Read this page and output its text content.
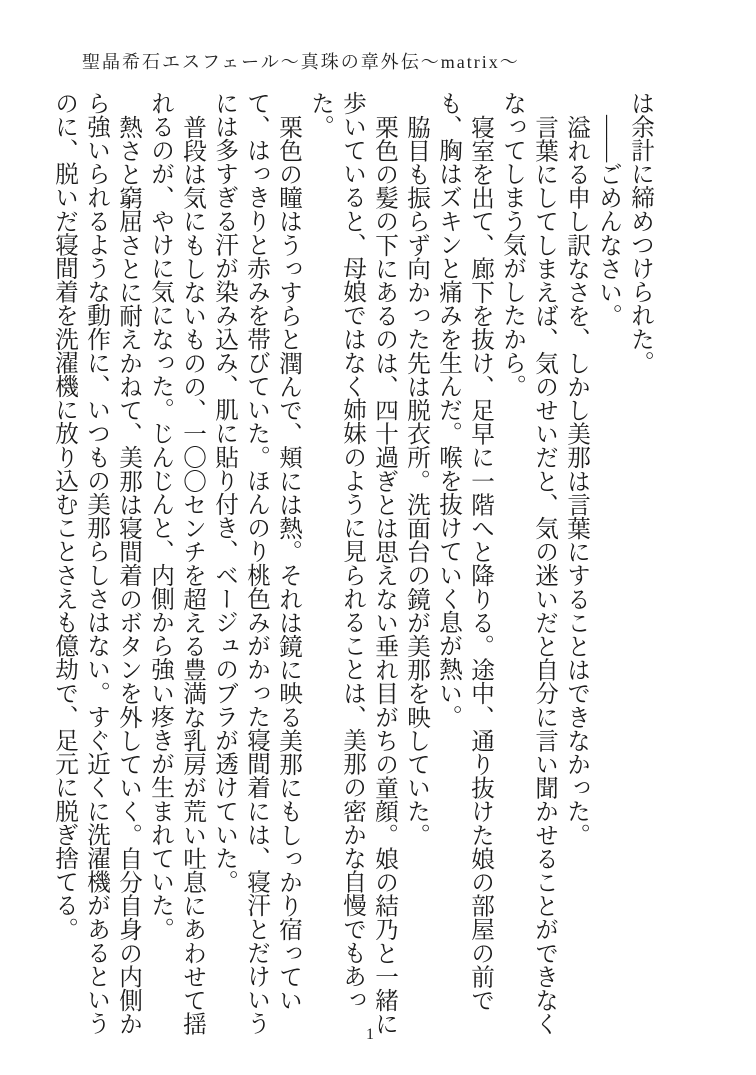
聖晶希石エスフェール～真珠の章外伝～matrix～

は余計に締めつけられた。

――ごめんなさい。

溢れる申し訳なさを、しかし美那は言葉にすることはできなかった。

言葉にしてしまえば、気のせいだと、気の迷いだと自分に言い聞かせることができなくなってしまう気がしたから。

寝室を出て、廊下を抜け、足早に一階へと降りる。途中、通り抜けた娘の部屋の前でも、胸はズキンと痛みを生んだ。喉を抜けていく息が熱い。

脇目も振らず向かった先は脱衣所。洗面台の鏡が美那を映していた。

栗色の髪の下にあるのは、四十過ぎとは思えない垂れ目がちの童顔。娘の結乃と一緒に歩いていると、母娘ではなく姉妹のように見られることは、美那の密かな自慢でもあった。

栗色の瞳はうっすらと潤んで、頬には熱。それは鏡に映る美那にもしっかり宿っていて、はっきりと赤みを帯びていた。ほんのり桃色みがかった寝間着には、寝汗とだけいうには多すぎる汗が染み込み、肌に貼り付き、ベージュのブラが透けていた。

普段は気にもしないものの、一〇〇センチを超える豊満な乳房が荒い吐息にあわせて揺れるのが、やけに気になった。じんじんと、内側から強い疼きが生まれていた。

熱さと窮屈さとに耐えかねて、美那は寝間着のボタンを外していく。自分自身の内側から強いられるような動作に、いつもの美那らしさはない。すぐ近くに洗濯機があるというのに、脱いだ寝間着を洗濯機に放り込むことさえも億劫で、足元に脱ぎ捨てる。

1
